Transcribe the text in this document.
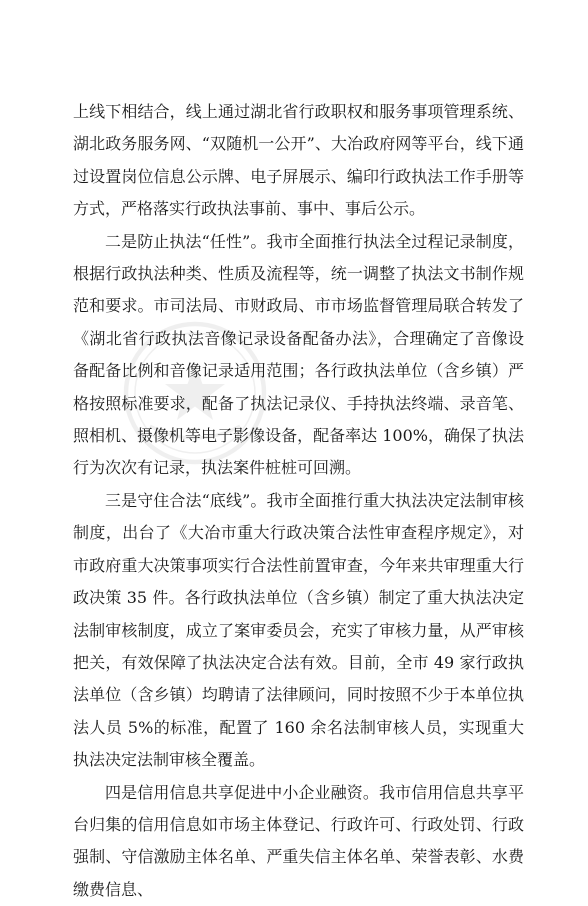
上线下相结合，线上通过湖北省行政职权和服务事项管理系统、湖北政务服务网、“双随机一公开”、大冶政府网等平台，线下通过设置岗位信息公示牌、电子屏展示、编印行政执法工作手册等方式，严格落实行政执法事前、事中、事后公示。

二是防止执法“任性”。我市全面推行执法全过程记录制度，根据行政执法种类、性质及流程等，统一调整了执法文书制作规范和要求。市司法局、市财政局、市市场监督管理局联合转发了《湖北省行政执法音像记录设备配备办法》，合理确定了音像设备配备比例和音像记录适用范围；各行政执法单位（含乡镇）严格按照标准要求，配备了执法记录仪、手持执法终端、录音笔、照相机、摄像机等电子影像设备，配备率达 100%，确保了执法行为次次有记录，执法案件桩桩可回溯。

三是守住合法“底线”。我市全面推行重大执法决定法制审核制度，出台了《大冶市重大行政决策合法性审查程序规定》，对市政府重大决策事项实行合法性前置审查，今年来共审理重大行政决策 35 件。各行政执法单位（含乡镇）制定了重大执法决定法制审核制度，成立了案审委员会，充实了审核力量，从严审核把关，有效保障了执法决定合法有效。目前，全市 49 家行政执法单位（含乡镇）均聘请了法律顾问，同时按照不少于本单位执法人员 5%的标准，配置了 160 余名法制审核人员，实现重大执法决定法制审核全覆盖。

四是信用信息共享促进中小企业融资。我市信用信息共享平台归集的信用信息如市场主体登记、行政许可、行政处罚、行政强制、守信激励主体名单、严重失信主体名单、荣誉表彰、水费缴费信息、
